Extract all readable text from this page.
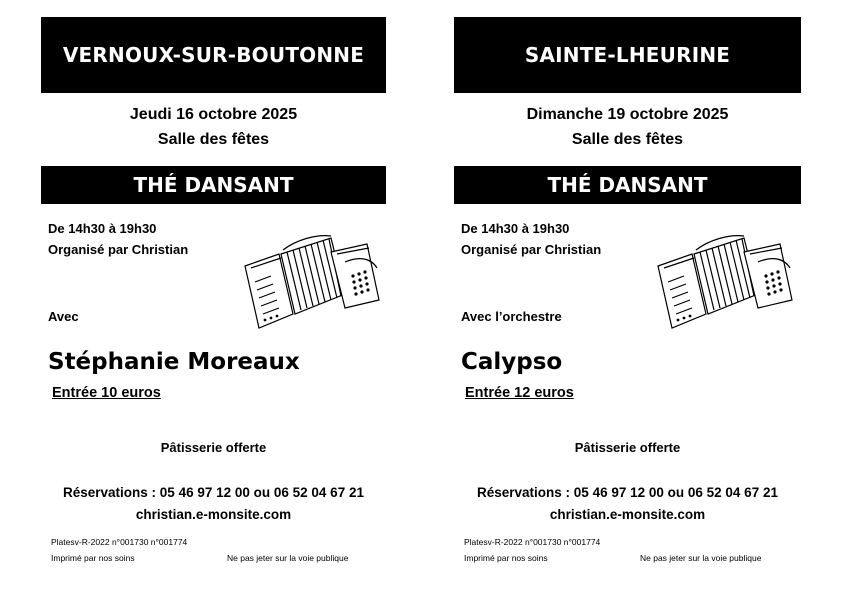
VERNOUX-SUR-BOUTONNE
Jeudi 16 octobre 2025
Salle des fêtes
THÉ DANSANT
De 14h30 à 19h30
Organisé par Christian
Avec
Stéphanie Moreaux
Entrée 10 euros
Pâtisserie offerte
Réservations : 05 46 97 12 00 ou 06 52 04 67 21
christian.e-monsite.com
Platesv-R-2022 n°001730 n°001774
Imprimé par nos soins	Ne pas jeter sur la voie publique
SAINTE-LHEURINE
Dimanche 19 octobre 2025
Salle des fêtes
THÉ DANSANT
De 14h30 à 19h30
Organisé par Christian
Avec l’orchestre
Calypso
Entrée 12 euros
Pâtisserie offerte
Réservations : 05 46 97 12 00 ou 06 52 04 67 21
christian.e-monsite.com
Platesv-R-2022 n°001730 n°001774
Imprimé par nos soins	Ne pas jeter sur la voie publique
